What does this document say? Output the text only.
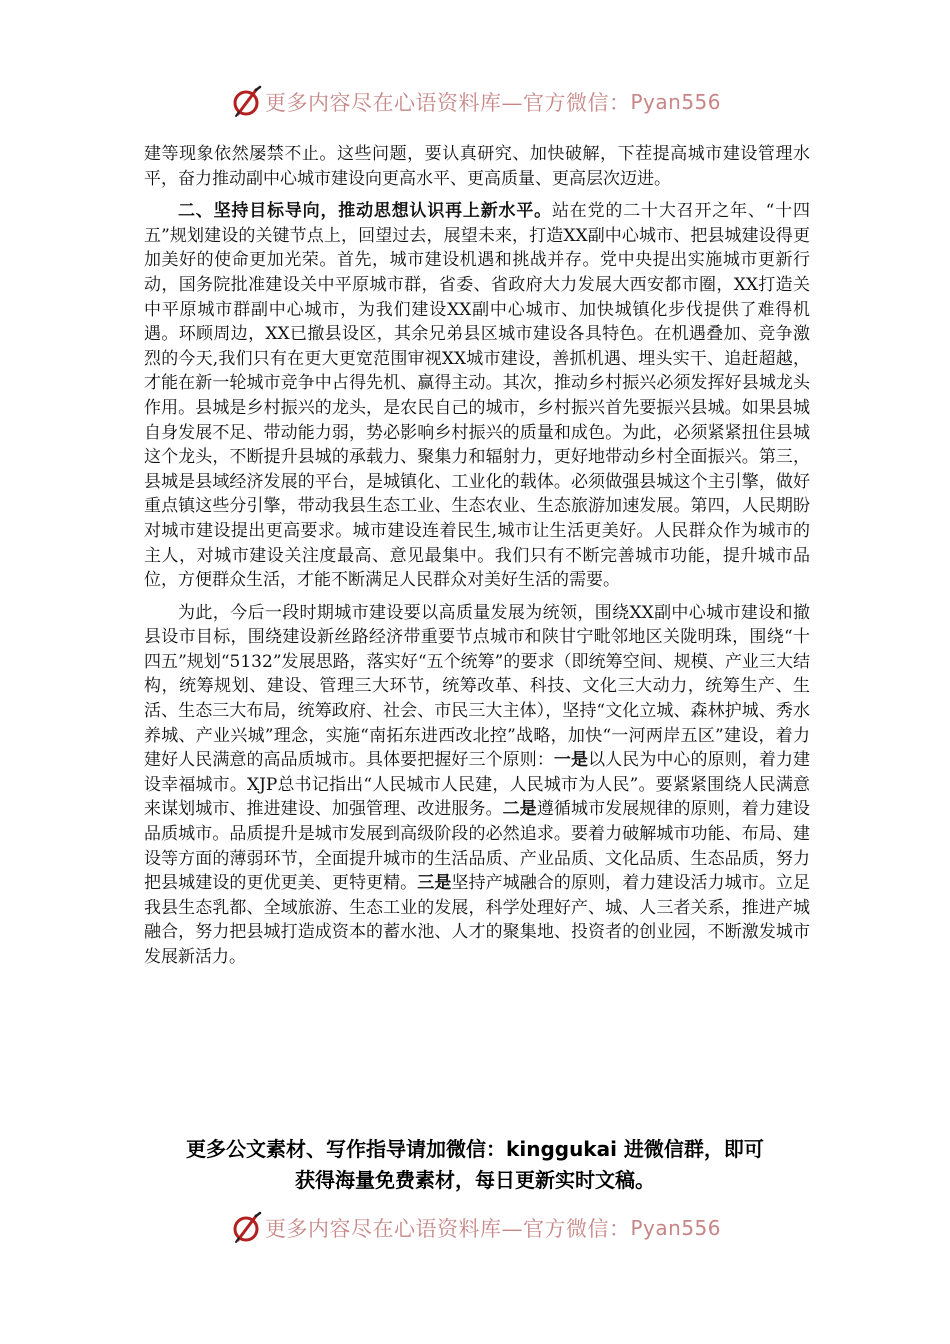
更多内容尽在心语资料库—官方微信： Pyan556

建等现象依然屡禁不止。这些问题，要认真研究、加快破解，下茬提高城市建设管理水平，奋力推动副中心城市建设向更高水平、更高质量、更高层次迈进。

二、坚持目标导向，推动思想认识再上新水平。站在党的二十大召开之年、“十四五”规划建设的关键节点上，回望过去，展望未来，打造XX副中心城市、把县城建设得更加美好的使命更加光荣。首先，城市建设机遇和挑战并存。党中央提出实施城市更新行动，国务院批准建设关中平原城市群，省委、省政府大力发展大西安都市圈，XX打造关中平原城市群副中心城市，为我们建设XX副中心城市、加快城镇化步伐提供了难得机遇。环顾周边，XX已撤县设区，其余兄弟县区城市建设各具特色。在机遇叠加、竞争激烈的今天,我们只有在更大更宽范围审视XX城市建设，善抓机遇、埋头实干、追赶超越，才能在新一轮城市竞争中占得先机、赢得主动。其次，推动乡村振兴必须发挥好县城龙头作用。县城是乡村振兴的龙头，是农民自己的城市，乡村振兴首先要振兴县城。如果县城自身发展不足、带动能力弱，势必影响乡村振兴的质量和成色。为此，必须紧紧扭住县城这个龙头，不断提升县城的承载力、聚集力和辐射力，更好地带动乡村全面振兴。第三，县城是县域经济发展的平台，是城镇化、工业化的载体。必须做强县城这个主引擎，做好重点镇这些分引擎，带动我县生态工业、生态农业、生态旅游加速发展。第四，人民期盼对城市建设提出更高要求。城市建设连着民生,城市让生活更美好。人民群众作为城市的主人，对城市建设关注度最高、意见最集中。我们只有不断完善城市功能，提升城市品位，方便群众生活，才能不断满足人民群众对美好生活的需要。

为此，今后一段时期城市建设要以高质量发展为统领，围绕XX副中心城市建设和撤县设市目标，围绕建设新丝路经济带重要节点城市和陕甘宁毗邻地区关陇明珠，围绕“十四五”规划“5132”发展思路，落实好“五个统筹”的要求（即统筹空间、规模、产业三大结构，统筹规划、建设、管理三大环节，统筹改革、科技、文化三大动力，统筹生产、生活、生态三大布局，统筹政府、社会、市民三大主体），坚持“文化立城、森林护城、秀水养城、产业兴城”理念，实施“南拓东进西改北控”战略，加快“一河两岸五区”建设，着力建好人民满意的高品质城市。具体要把握好三个原则：一是以人民为中心的原则，着力建设幸福城市。XJP总书记指出“人民城市人民建，人民城市为人民”。要紧紧围绕人民满意来谋划城市、推进建设、加强管理、改进服务。二是遵循城市发展规律的原则，着力建设品质城市。品质提升是城市发展到高级阶段的必然追求。要着力破解城市功能、布局、建设等方面的薄弱环节，全面提升城市的生活品质、产业品质、文化品质、生态品质，努力把县城建设的更优更美、更特更精。三是坚持产城融合的原则，着力建设活力城市。立足我县生态乳都、全域旅游、生态工业的发展，科学处理好产、城、人三者关系，推进产城融合，努力把县城打造成资本的蓄水池、人才的聚集地、投资者的创业园，不断激发城市发展新活力。

更多公文素材、写作指导请加微信：kinggukai 进微信群，即可
获得海量免费素材，每日更新实时文稿。
更多内容尽在心语资料库—官方微信： Pyan556
